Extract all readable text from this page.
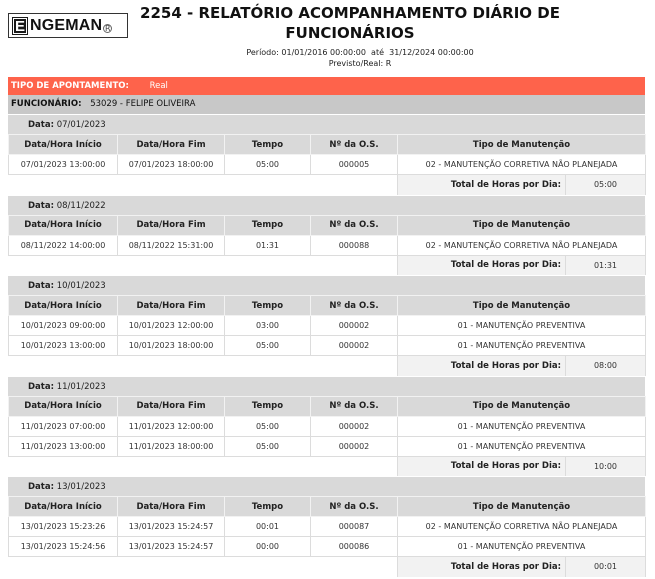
E NGEMAN R
2254 - RELATÓRIO ACOMPANHAMENTO DIÁRIO DE
FUNCIONÁRIOS
Período: 01/01/2016 00:00:00  até  31/12/2024 00:00:00
Previsto/Real: R
TIPO DE APONTAMENTO: Real
FUNCIONÁRIO: 53029 - FELIPE OLIVEIRA
Data: 07/01/2023
Data/Hora Início	Data/Hora Fim	Tempo	Nº da O.S.	Tipo de Manutenção	
07/01/2023 13:00:00	07/01/2023 18:00:00	05:00	000005	02 - MANUTENÇÃO CORRETIVA NÃO PLANEJADA	
				Total de Horas por Dia:	05:00
Data: 08/11/2022
Data/Hora Início	Data/Hora Fim	Tempo	Nº da O.S.	Tipo de Manutenção	
08/11/2022 14:00:00	08/11/2022 15:31:00	01:31	000088	02 - MANUTENÇÃO CORRETIVA NÃO PLANEJADA	
				Total de Horas por Dia:	01:31
Data: 10/01/2023
Data/Hora Início	Data/Hora Fim	Tempo	Nº da O.S.	Tipo de Manutenção	
10/01/2023 09:00:00	10/01/2023 12:00:00	03:00	000002	01 - MANUTENÇÃO PREVENTIVA	
10/01/2023 13:00:00	10/01/2023 18:00:00	05:00	000002	01 - MANUTENÇÃO PREVENTIVA	
				Total de Horas por Dia:	08:00
Data: 11/01/2023
Data/Hora Início	Data/Hora Fim	Tempo	Nº da O.S.	Tipo de Manutenção	
11/01/2023 07:00:00	11/01/2023 12:00:00	05:00	000002	01 - MANUTENÇÃO PREVENTIVA	
11/01/2023 13:00:00	11/01/2023 18:00:00	05:00	000002	01 - MANUTENÇÃO PREVENTIVA	
				Total de Horas por Dia:	10:00
Data: 13/01/2023
Data/Hora Início	Data/Hora Fim	Tempo	Nº da O.S.	Tipo de Manutenção	
13/01/2023 15:23:26	13/01/2023 15:24:57	00:01	000087	02 - MANUTENÇÃO CORRETIVA NÃO PLANEJADA	
13/01/2023 15:24:56	13/01/2023 15:24:57	00:00	000086	01 - MANUTENÇÃO PREVENTIVA	
				Total de Horas por Dia:	00:01
